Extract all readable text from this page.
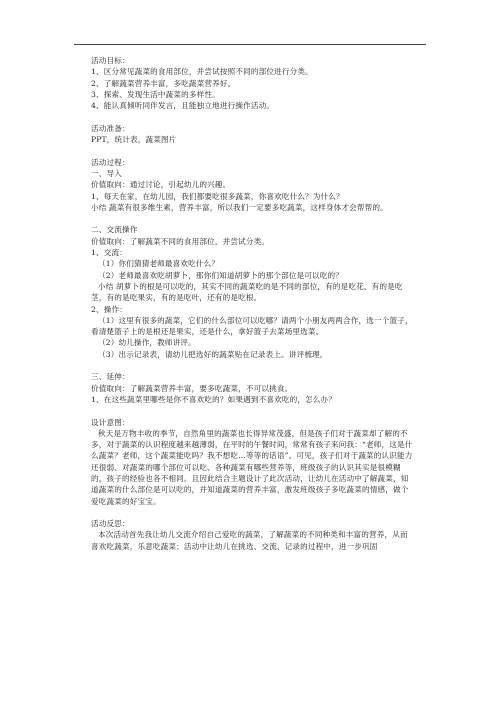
活动目标：

1、区分常见蔬菜的食用部位，并尝试按照不同的部位进行分类。

2、了解蔬菜营养丰富，多吃蔬菜营养好。

3、探索、发现生活中蔬菜的多样性。

4、能认真倾听同伴发言，且能独立地进行操作活动。

活动准备：

PPT，统计表，蔬菜图片

活动过程：

一、导入

价值取向：通过讨论，引起幼儿的兴趣。

1、每天在家，在幼儿园，我们都要吃很多蔬菜，你喜欢吃什么？为什么？

小结 蔬菜有很多维生素，营养丰富，所以我们一定要多吃蔬菜，这样身体才会帮帮的。

二、交流操作

价值取向：了解蔬菜不同的食用部位，并尝试分类。

1、交流：

（1）你们猜猜老师最喜欢吃什么？

（2）老师最喜欢吃胡萝卜，那你们知道胡萝卜的那个部位是可以吃的？

小结 胡萝卜的根是可以吃的，其实不同的蔬菜吃的是不同的部位，有的是吃花，有的是吃茎，有的是吃果实，有的是吃叶，还有的是吃根。

2、操作：

（1）这里有很多的蔬菜，它们的什么部位可以吃哪？请两个小朋友两两合作，选一个篮子，看清楚篮子上的是根还是果实，还是什么，拿好篮子去菜场里选菜。

（2）幼儿操作，教师讲评。

（3）出示记录表，请幼儿把选好的蔬菜贴在记录表上。讲评梳理。

三、延伸：

价值取向：了解蔬菜营养丰富，要多吃蔬菜，不可以挑食。

1、在这些蔬菜里哪些是你不喜欢吃的？如果遇到不喜欢吃的，怎么办？

设计意图：

秋天是万物丰收的季节，自然角里的蔬菜也长得异常茂盛，但是孩子们对于蔬菜却了解的不多，对于蔬菜的认识程度越来越薄弱，在平时的午餐时间，常常有孩子来问我：“老师，这是什么蔬菜？老师，这个蔬菜能吃吗？我不想吃…等等的话语”。可见，孩子们对于蔬菜的认识能力还很弱、对蔬菜的哪个部位可以吃、各种蔬菜有哪些营养等，班级孩子的认识其实是很模糊的，孩子的经验也各不相同。且因此结合主题设计了此次活动，让幼儿在活动中了解蔬菜，知道蔬菜的什么部位是可以吃的，并知道蔬菜的营养丰富，激发班级孩子多吃蔬菜的情感，做个爱吃蔬菜的好宝宝。

活动反思：

本次活动首先我让幼儿交流介绍自己爱吃的蔬菜，了解蔬菜的不同种类和丰富的营养，从而喜欢吃蔬菜，乐意吃蔬菜；活动中让幼儿在挑选、交流、记录的过程中，进一步巩固
